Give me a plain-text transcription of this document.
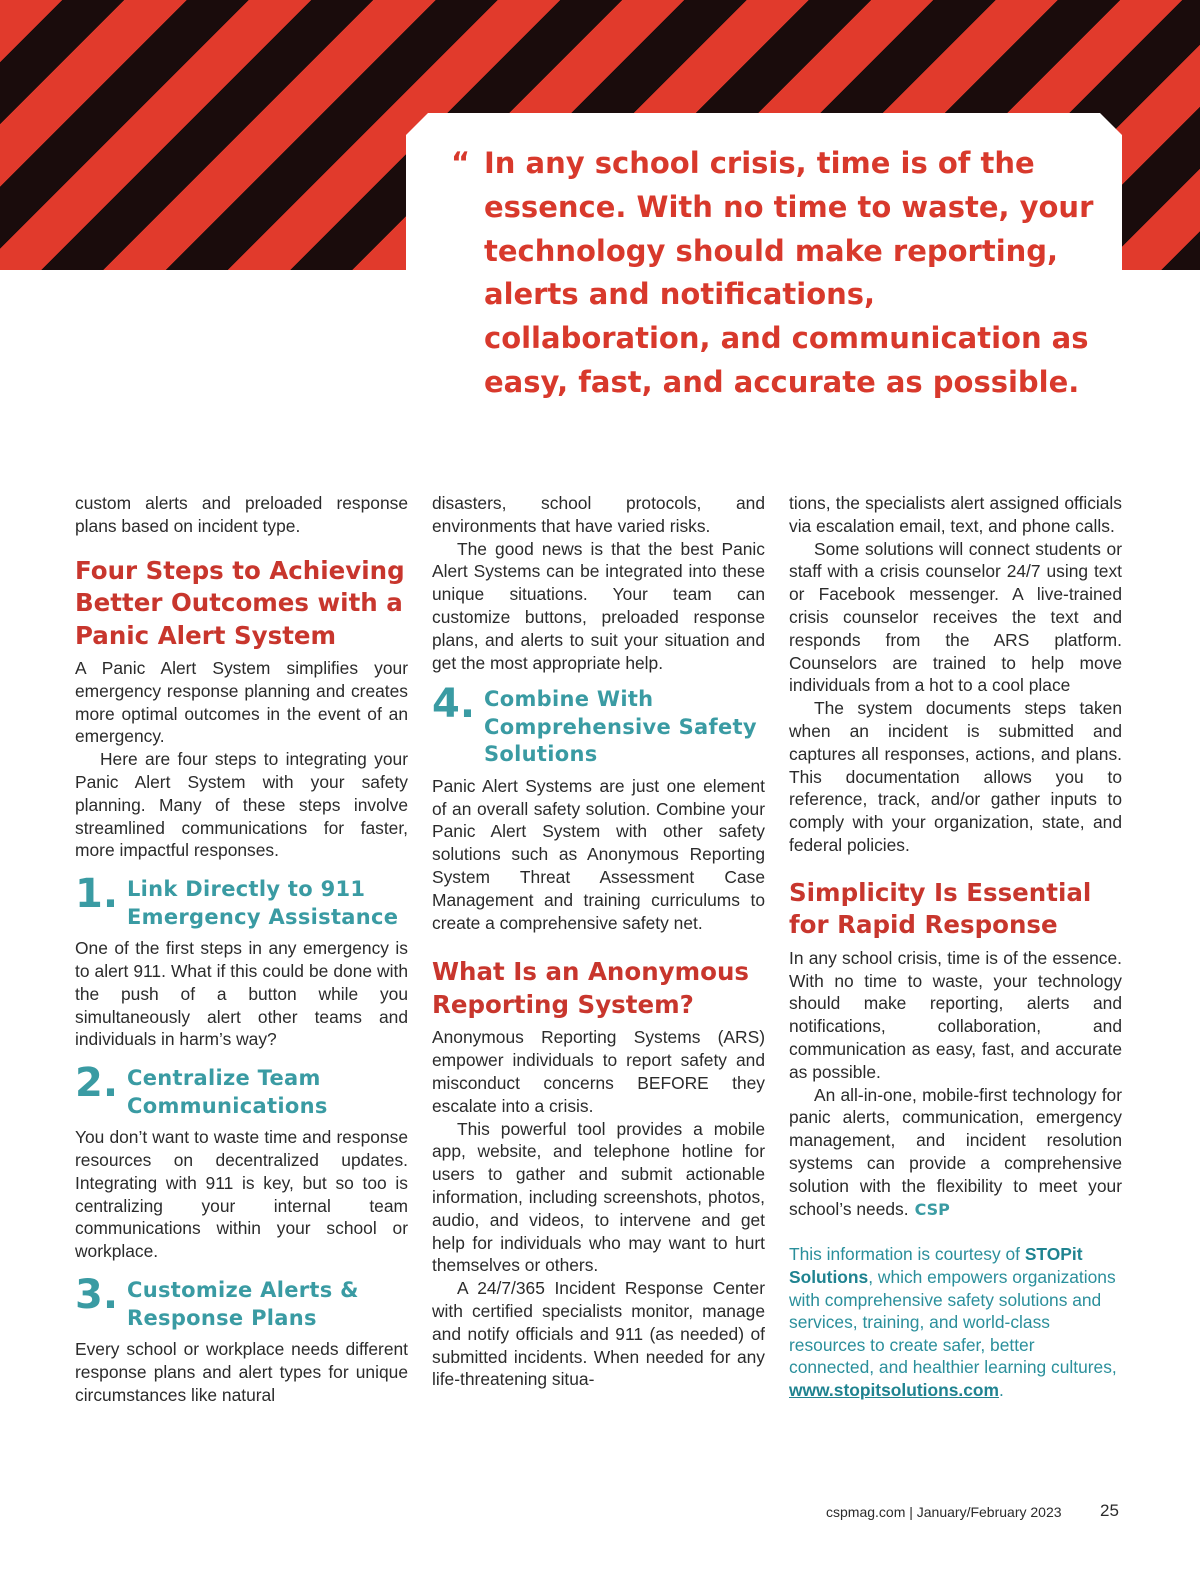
“ In any school crisis, time is of the essence. With no time to waste, your technology should make reporting, alerts and notifications, collaboration, and communication as easy, fast, and accurate as possible.

custom alerts and preloaded response plans based on incident type.

Four Steps to Achieving Better Outcomes with a Panic Alert System

A Panic Alert System simplifies your emergency response planning and creates more optimal outcomes in the event of an emergency.

Here are four steps to integrating your Panic Alert System with your safety planning. Many of these steps involve streamlined communications for faster, more impactful responses.

1. Link Directly to 911 Emergency Assistance

One of the first steps in any emergency is to alert 911. What if this could be done with the push of a button while you simultaneously alert other teams and individuals in harm’s way?

2. Centralize Team Communications

You don’t want to waste time and response resources on decentralized updates. Integrating with 911 is key, but so too is centralizing your internal team communications within your school or workplace.

3. Customize Alerts & Response Plans

Every school or workplace needs different response plans and alert types for unique circumstances like natural

disasters, school protocols, and environments that have varied risks.

The good news is that the best Panic Alert Systems can be integrated into these unique situations. Your team can customize buttons, preloaded response plans, and alerts to suit your situation and get the most appropriate help.

4. Combine With Comprehensive Safety Solutions

Panic Alert Systems are just one element of an overall safety solution. Combine your Panic Alert System with other safety solutions such as Anonymous Reporting System Threat Assessment Case Management and training curriculums to create a comprehensive safety net.

What Is an Anonymous Reporting System?

Anonymous Reporting Systems (ARS) empower individuals to report safety and misconduct concerns BEFORE they escalate into a crisis.

This powerful tool provides a mobile app, website, and telephone hotline for users to gather and submit actionable information, including screenshots, photos, audio, and videos, to intervene and get help for individuals who may want to hurt themselves or others.

A 24/7/365 Incident Response Center with certified specialists monitor, manage and notify officials and 911 (as needed) of submitted incidents. When needed for any life-threatening situa-

tions, the specialists alert assigned officials via escalation email, text, and phone calls.

Some solutions will connect students or staff with a crisis counselor 24/7 using text or Facebook messenger. A live-trained crisis counselor receives the text and responds from the ARS platform. Counselors are trained to help move individuals from a hot to a cool place

The system documents steps taken when an incident is submitted and captures all responses, actions, and plans. This documentation allows you to reference, track, and/or gather inputs to comply with your organization, state, and federal policies.

Simplicity Is Essential for Rapid Response

In any school crisis, time is of the essence. With no time to waste, your technology should make reporting, alerts and notifications, collaboration, and communication as easy, fast, and accurate as possible.

An all-in-one, mobile-first technology for panic alerts, communication, emergency management, and incident resolution systems can provide a comprehensive solution with the flexibility to meet your school’s needs. CSP

This information is courtesy of STOPit Solutions, which empowers organizations with comprehensive safety solutions and services, training, and world-class resources to create safer, better connected, and healthier learning cultures, www.stopitsolutions.com.

cspmag.com | January/February 2023 25
